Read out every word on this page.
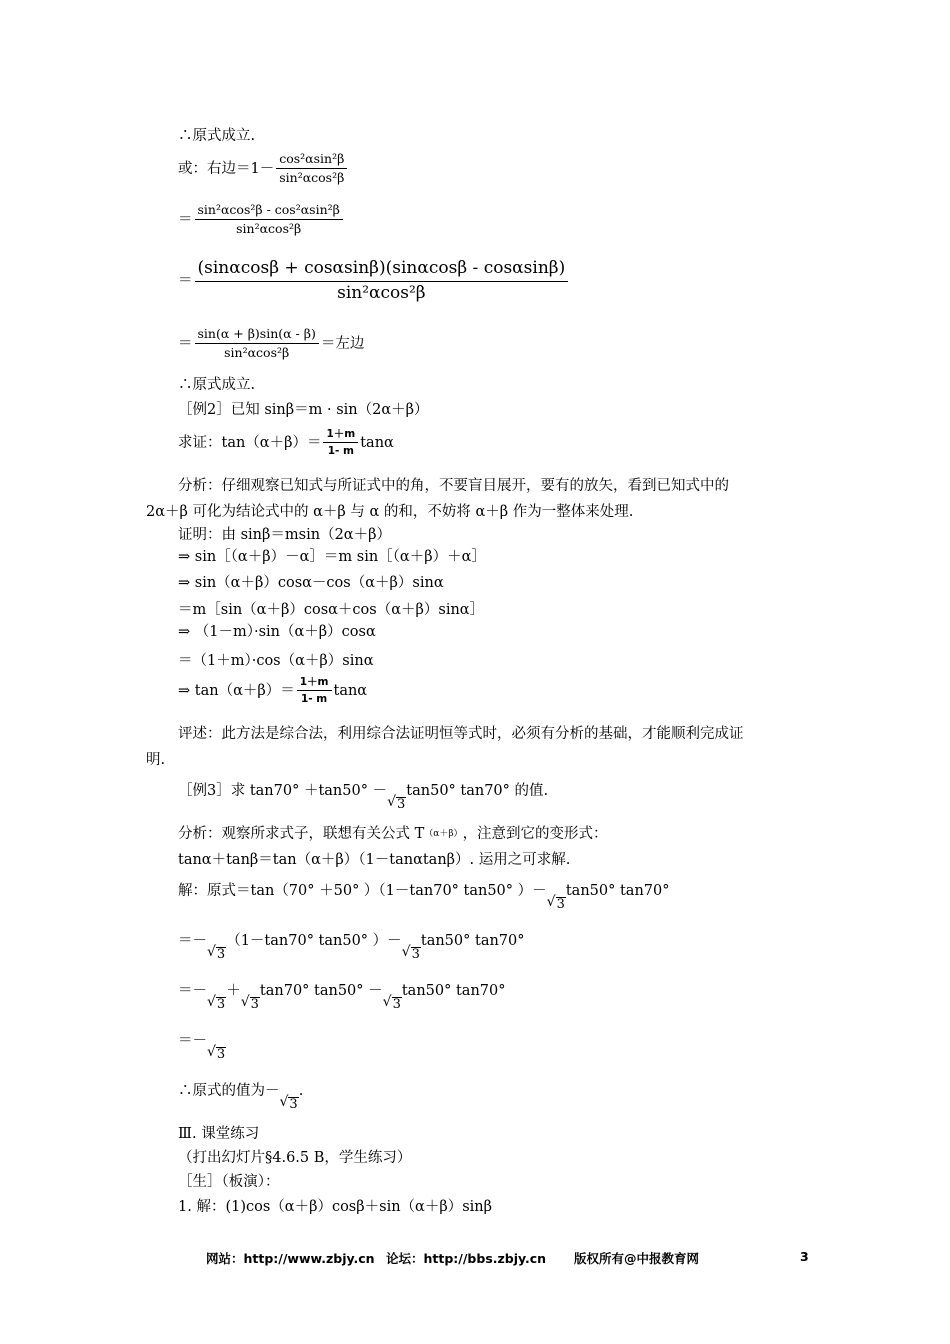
∴原式成立.
或：右边$=1- \frac{\text{cos²αsin²β}}{\text{sin²αcos²β}}$
＝ $\frac{\text{sin²αcos²β - cos²αsin²β}}{\text{sin²αcos²β}}$
＝ $\frac{(\sin\alpha\cos\beta + \cos\alpha\sin\beta)(\sin\alpha\cos\beta - \cos\alpha\sin\beta)}{\text{sin²αcos²β}}$
＝ $\frac{\sin(\alpha + \beta)\sin(\alpha - \beta)}{\text{sin²αcos²β}}$ ＝左边
∴原式成立.
［例2］已知 sinβ＝m · sin（2α＋β）
求证：$\tan(\alpha+\beta)= \frac{1+m}{1- m}$ tanα
分析：仔细观察已知式与所证式中的角，不要盲目展开，要有的放矢，看到已知式中的
2α＋β 可化为结论式中的 α＋β 与 α 的和，不妨将 α＋β 作为一整体来处理.
证明：由 sinβ＝msin（2α＋β）
⇒ sin［（α＋β）－α］＝m sin［（α＋β）＋α］
⇒ sin（α＋β）cosα－cos（α＋β）sinα
＝m［sin（α＋β）cosα＋cos（α＋β）sinα］
⇒ （1－m）·sin（α＋β）cosα
＝（1＋m）·cos（α＋β）sinα
⇒ $\tan(\alpha+\beta)= \frac{1+m}{1- m}$ tanα
评述：此方法是综合法，利用综合法证明恒等式时，必须有分析的基础，才能顺利完成证
明.
［例3］求 tan70° ＋tan50° －
√ 3
tan50° tan70° 的值.
分析：观察所求式子，联想有关公式 T （α＋β） ，注意到它的变形式：
tanα＋tanβ＝tan（α＋β）（1－tanαtanβ）. 运用之可求解.
解：原式＝tan（70° ＋50° ）（1－tan70° tan50° ）－
√ 3
tan50° tan70°
＝－
√ 3
（1－tan70° tan50° ）－
√ 3
tan50° tan70°
＝－
√ 3
＋
√ 3
tan70° tan50° －
√ 3
tan50° tan70°
＝－
√ 3
∴原式的值为－
√ 3
.
Ⅲ. 课堂练习
（打出幻灯片§4.6.5 B，学生练习）
［生］（板演）：
1. 解：(1)cos（α＋β）cosβ＋sin（α＋β）sinβ
网站：http://www.zbjy.cn 论坛：http://bbs.zbjy.cn 版权所有@中报教育网	3
